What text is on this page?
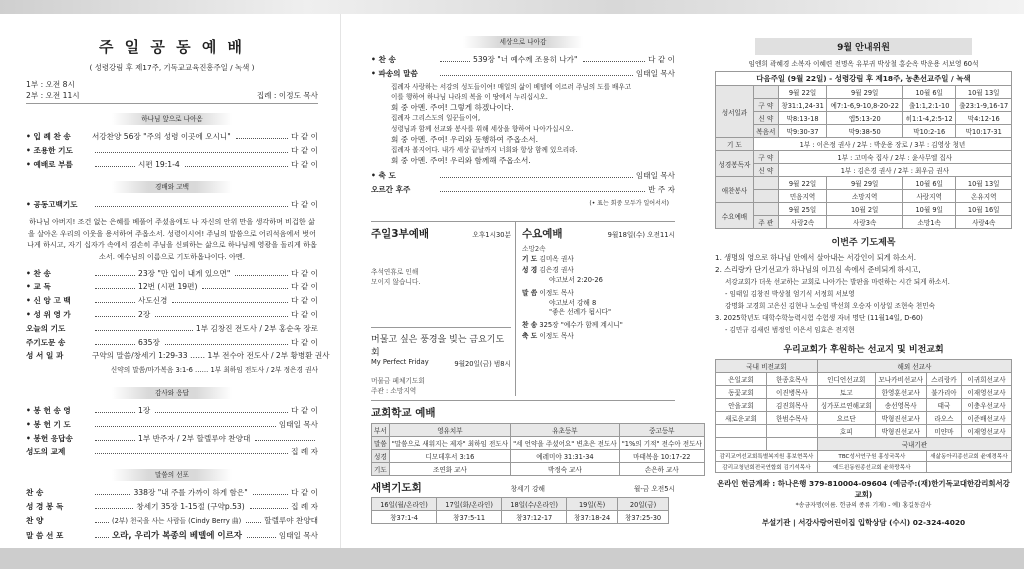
주 일 공 동 예 배
( 성령강림 후 제17주, 기독교교육진흥주일 / 녹색 )
1부 : 오전 8시
2부 : 오전 11시	집례 : 이정도 목사
하나님 앞으로 나아옴
• 입 례 찬 송	서강찬양 56장 "주의 성령 이곳에 오시니"	다 같 이
• 조용한 기도	다 같 이
• 예배로 부름	시편 19:1-4	다 같 이
경배와 고백
• 공동고백기도	다 같 이
하나님 아버지! 조건 없는 은혜를 베풀어 주셨음에도 나 자신의 안위 만을 생각하며 비겁한 삶을 살아온 우리의 이웃을 용서하여 주옵소서. 성령이시여! 주님의 말씀으로 어리석음에서 벗어나게 하시고, 자기 십자가 속에서 겸손히 주님을 신뢰하는 삶으로 하나님께 영광을 돌리게 하옵소서. 예수님의 이름으로 기도하옵나이다. 아멘.
• 찬 송	23장 "만 입이 내게 있으면"	다 같 이
• 교 독	12번 (시편 19편)	다 같 이
• 신 앙 고 백	사도신경	다 같 이
• 성 위 영 가	2장	다 같 이
오늘의 기도	1부 김창진 전도사 / 2부 홍순옥 장로
주기도문 송	635장	다 같 이
성 서 일 과	구약의 말씀/창세기 1:29-33 …… 1부 전수아 전도사 / 2부 황병환 권사
신약의 말씀/마가복음 3:1-6 …… 1부 최하임 전도사 / 2부 정은경 권사
감사와 응답
• 봉 헌 송 영	1장	다 같 이
• 봉 헌 기 도	임태일 목사
• 봉헌 응답송	1부 반주자 / 2부 할렐루야 찬양대
성도의 교제	집 례 자
말씀의 선포
찬 송	338장 "내 주를 가까이 하게 함은"	다 같 이
성 경 봉 독	창세기 35장 1-15절 (구약p.53)	집 례 자
찬 양	(2부) 천국을 사는 사람들 (Cindy Berry 曲)	할렐루야 찬양대
말 씀 선 포	오라, 우리가 복종의 베델에 이르자	임태일 목사
세상으로 나아감
• 찬 송	539장 "너 예수께 조용히 나가"	다 같 이
• 파송의 말씀	임태일 목사
집례자 사랑하는 서강의 성도들이여! 매일의 삶이 베델에 이르러 주님의 도를 배우고
이를 행하여 하나님 나라의 복을 이 땅에서 누리십시오.
회 중 아멘. 주여! 그렇게 하겠나이다.
집례자 그리스도의 일꾼들이여,
성령님과 함께 선교와 봉사를 위해 세상을 향하여 나아가십시오.
회 중 아멘. 주여! 우리와 동행하여 주옵소서.
집례자 볼지어다. 내가 세상 끝날까지 너희와 항상 함께 있으리라.
회 중 아멘. 주여! 우리와 함께해 주옵소서.
• 축 도	임태일 목사
오르간 후주	반 주 자
(• 표는 회중 모두가 일어서서)
주일3부예배	오후1시30분
추석연휴로 인해
모이지 않습니다.
머물고 싶은 풍경을 빚는 금요기도회
My Perfect Friday	9월20일(금) 범8시
머물금 페체기도회
주관 : 소망지역
수요예배	9월18일(수) 오전11시
소망2속
기 도 김미옥 권사
성 경 김은경 권사
야고보서 2:20-26
말 씀 이정도 목사
야고보서 강해 8
"좋은 선례가 됩시다"
찬 송 325장 "예수가 함께 계시니"
축 도 이정도 목사
교회학교 예배
부서	영유치부	유초등부	중고등부
말씀	"말씀으로 새워지는 제자" 최하임 전도사	"세 언약을 주셨어요" 변초은 전도사	"1%의 기적" 전수아 전도사
성경	디모데후서 3:16	예레미야 31:31-34	마태복음 10:17-22
기도	조연화 교사	박정숙 교사	손은하 교사
새벽기도회	창세기 강해	월-금 오전5시
16일(월/온라인)	17일(화/온라인)	18일(수/온라인)	19일(목)	20일(금)
창37:1-4	창37:5-11	창37:12-17	창37:18-24	창37:25-30
9월 안내위원
임엔희 곽혜경 소복자 이혜련 전명옥 유부귀 박상철 홍순옥 박운용 서보영 60석
다음주일 (9월 22일) - 성령강림 후 제18주, 농촌선교주일 / 녹색					
성서일과		9월 22일	9월 29일	10월 6일	10월 13일
	구 약	창31:1,24-31	예7:1-6,9-10,8-20-22	출1:1,2:1-10	출23:1-9,16-17
	신 약	막8:13-18	엡5:13-20	히1:1-4,2:5-12	막4:12-16
	복음서	막9:30-37	막9:38-50	막10:2-16	막10:17-31
기 도	1부 : 이은정 권사 / 2부 : 박운용 장로 / 3부 : 김영상 청년				
성경봉독자	구 약	1부 : 고미숙 집사 / 2부 : 윤사무엘 집사			
	신 약	1부 : 김은경 권사 / 2부 : 최우금 권사			
애찬봉사		9월 22일	9월 29일	10월 6일	10월 13일
		민음지역	소망지역	사랑지역	온유지역
수요예배		9월 25일	10월 2일	10월 9일	10월 16일
	주 관	사랑2속	사랑3속	소망1속	사랑4속
이번주 기도제목
1. 생명의 영으로 하나님 안에서 살아내는 서강인이 되게 하소서.
2. 스리랑카 단기선교가 하나님의 이끄심 속에서 준비되게 하시고,
서강교회가 더욱 선교하는 교회로 나아가는 발판을 마련하는 시간 되게 하소서.
- 임태일 김창진 박상철 엄기식 서정희 서보영
강명화 고경희 고은신 김현나 노순임 박선희 오승자 이상일 조현숙 천민숙
3. 2025학년도 대학수학능력시험 수험생 자녀 명단 (11월14일, D-60)
- 김민규 김새린 범정인 이은서 임효은 전지현
우리교회가 후원하는 선교지 및 비전교회
국내 비전교회		해외 선교사			
은일교회	한종호목사	인디언선교회	모나카비선교사	스리랑카	이귀희선교사
동꽃교회	이진병목사	토고	한영훈선교사	불가리아	이재영선교사
안을교회	김진희목사	싱가포르연해교회	송선영목사	태국	이충우선교사
새로운교회	한범수목사	요르단	박형진선교사	라오스	이준배선교사
		호피	박형진선교사	미얀마	이재영선교사
		국내기관			
감리교여선교회특별복지원 홍보현목사		TBC성서연구원 홍성국목사		새삶동아리종선교회 윤예경목사	
감리교청년회전국연합회 김기석목사		예드윈동원종선교회 윤하랑목사			
온라인 헌금계좌 : 하나은행 379-810004-09604 (예금주:(재)한기독교대한감리회서강교회)
*송금자명(이름. 헌금의 종류 기재) - 예) 홍길동감사
부설기관 | 서강사랑어린이집 입학상담 (수시) 02-324-4020
